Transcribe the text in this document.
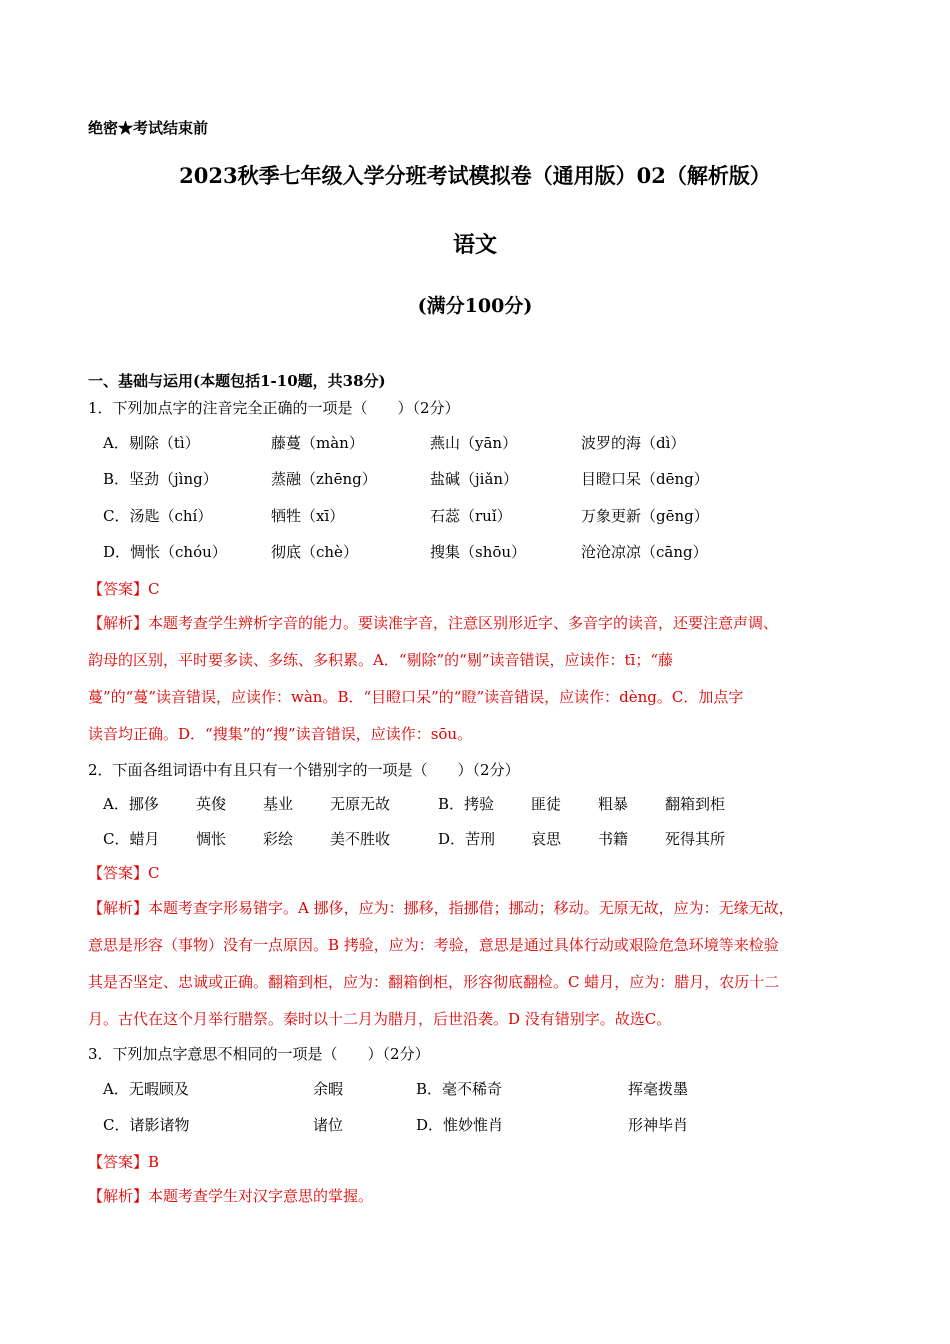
绝密★考试结束前
2023秋季七年级入学分班考试模拟卷（通用版）02（解析版）
语文
(满分100分)
一、基础与运用(本题包括1-10题，共38分)
1．下列加点字的注音完全正确的一项是（　　）（2分）
A．剔除（tì）	藤蔓（màn）	燕山（yān）	波罗的海（dì）
B．坚劲（jìng）	蒸融（zhēng）	盐碱（jiǎn）	目瞪口呆（dēng）
C．汤匙（chí）	牺牲（xī）	石蕊（ruǐ）	万象更新（gēng）
D．惆怅（chóu）	彻底（chè）	搜集（shōu）	沧沧凉凉（cāng）
【答案】C
【解析】本题考查学生辨析字音的能力。要读准字音，注意区别形近字、多音字的读音，还要注意声调、
韵母的区别，平时要多读、多练、多积累。A．“剔除”的“剔”读音错误，应读作：tī；“藤
蔓”的“蔓”读音错误，应读作：wàn。B．“目瞪口呆”的“瞪”读音错误，应读作：dèng。C．加点字
读音均正确。D．“搜集”的“搜”读音错误，应读作：sōu。
2．下面各组词语中有且只有一个错别字的一项是（　　）（2分）
A．挪侈 英俊 基业 无原无故	B．拷验 匪徒 粗暴 翻箱到柜
C．蜡月 惆怅 彩绘 美不胜收	D．苦刑 哀思 书籍 死得其所
【答案】C
【解析】本题考查字形易错字。A 挪侈，应为：挪移，指挪借；挪动；移动。无原无故，应为：无缘无故，
意思是形容（事物）没有一点原因。B 拷验，应为：考验，意思是通过具体行动或艰险危急环境等来检验
其是否坚定、忠诚或正确。翻箱到柜，应为：翻箱倒柜，形容彻底翻检。C 蜡月，应为：腊月，农历十二
月。古代在这个月举行腊祭。秦时以十二月为腊月，后世沿袭。D 没有错别字。故选C。
3．下列加点字意思不相同的一项是（　　）（2分）
A．无暇顾及	余暇	B．毫不稀奇	挥毫拨墨
C．诸影诸物	诸位	D．惟妙惟肖	形神毕肖
【答案】B
【解析】本题考查学生对汉字意思的掌握。
